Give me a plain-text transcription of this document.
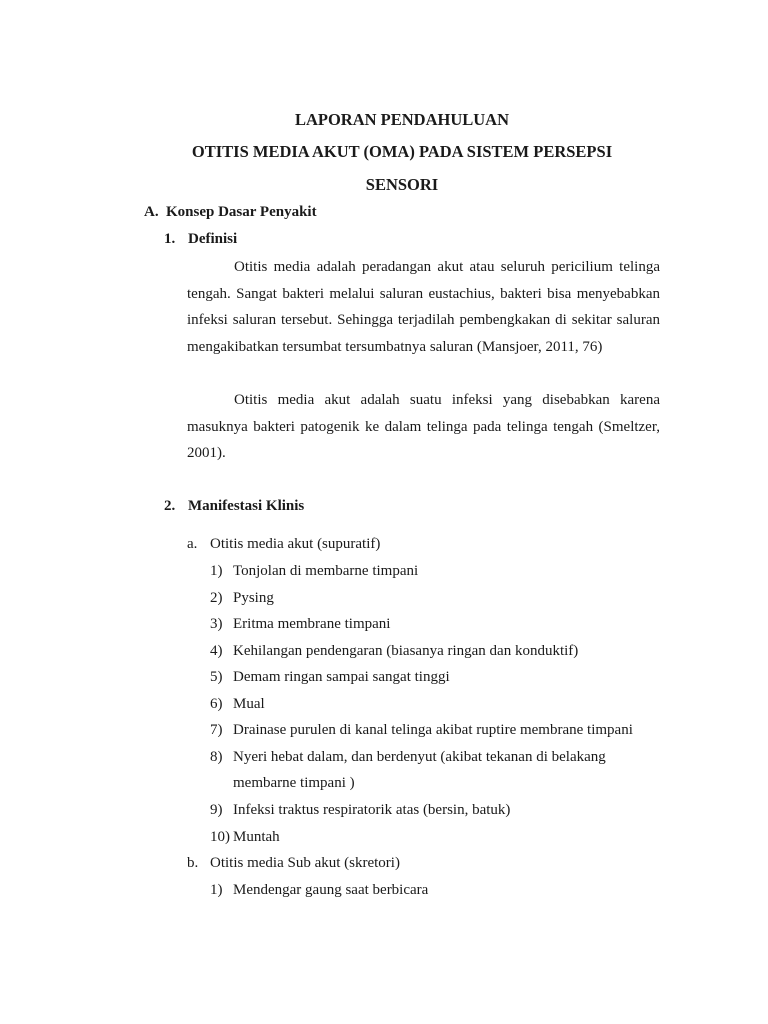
LAPORAN PENDAHULUAN
OTITIS MEDIA AKUT (OMA) PADA SISTEM PERSEPSI
SENSORI
A. Konsep Dasar Penyakit
1. Definisi

Otitis media adalah peradangan akut atau seluruh pericilium telinga tengah. Sangat bakteri melalui saluran eustachius, bakteri bisa menyebabkan infeksi saluran tersebut. Sehingga terjadilah pembengkakan di sekitar saluran mengakibatkan tersumbat tersumbatnya saluran (Mansjoer, 2011, 76)

Otitis media akut adalah suatu infeksi yang disebabkan karena masuknya bakteri patogenik ke dalam telinga pada telinga tengah (Smeltzer, 2001).

2. Manifestasi Klinis
a. Otitis media akut (supuratif)
1) Tonjolan di membarne timpani
2) Pysing
3) Eritma membrane timpani
4) Kehilangan pendengaran (biasanya ringan dan konduktif)
5) Demam ringan sampai sangat tinggi
6) Mual
7) Drainase purulen di kanal telinga akibat ruptire membrane timpani
8) Nyeri hebat dalam, dan berdenyut (akibat tekanan di belakang
membarne timpani )
9) Infeksi traktus respiratorik atas (bersin, batuk)
10) Muntah
b. Otitis media Sub akut (skretori)
1) Mendengar gaung saat berbicara
